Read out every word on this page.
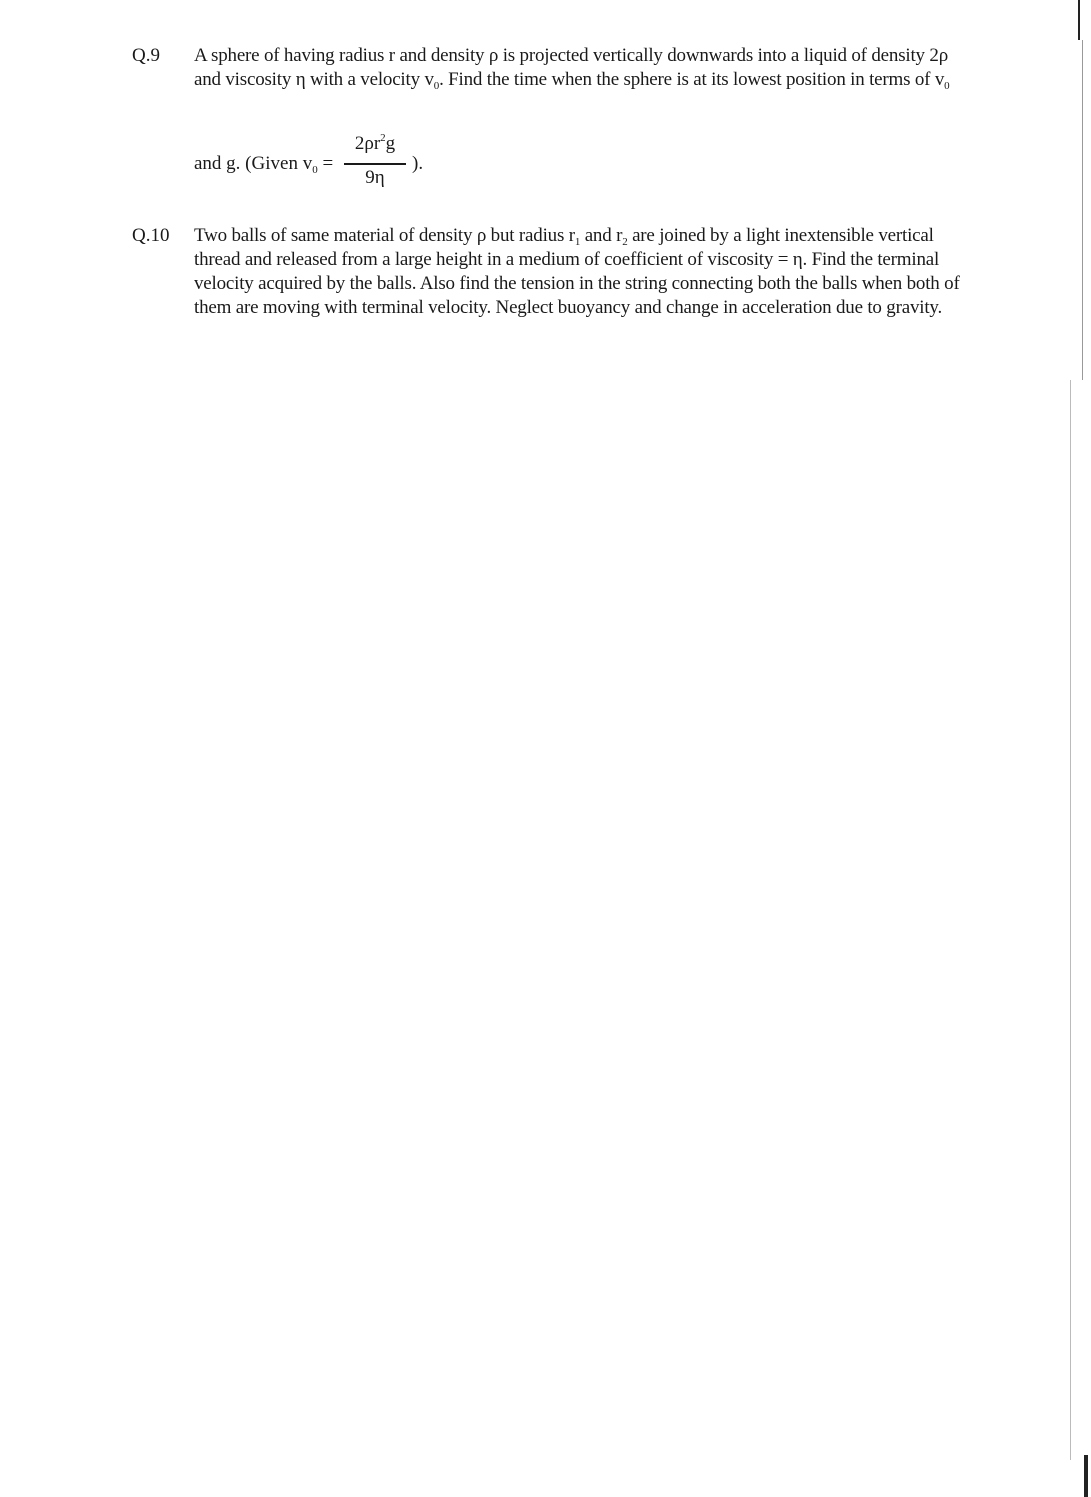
Q.9 A sphere of having radius r and density ρ is projected vertically downwards into a liquid of density 2ρ
and viscosity η with a velocity $v_0$. Find the time when the sphere is at its lowest position in terms of $v_0$
and g. (Given $v_0$ =
$2\rho r^2g$
9η
).
Q.10 Two balls of same material of density ρ but radius $r_1$ and $r_2$ are joined by a light inextensible vertical
thread and released from a large height in a medium of coefficient of viscosity = η. Find the terminal
velocity acquired by the balls. Also find the tension in the string connecting both the balls when both of
them are moving with terminal velocity. Neglect buoyancy and change in acceleration due to gravity.
